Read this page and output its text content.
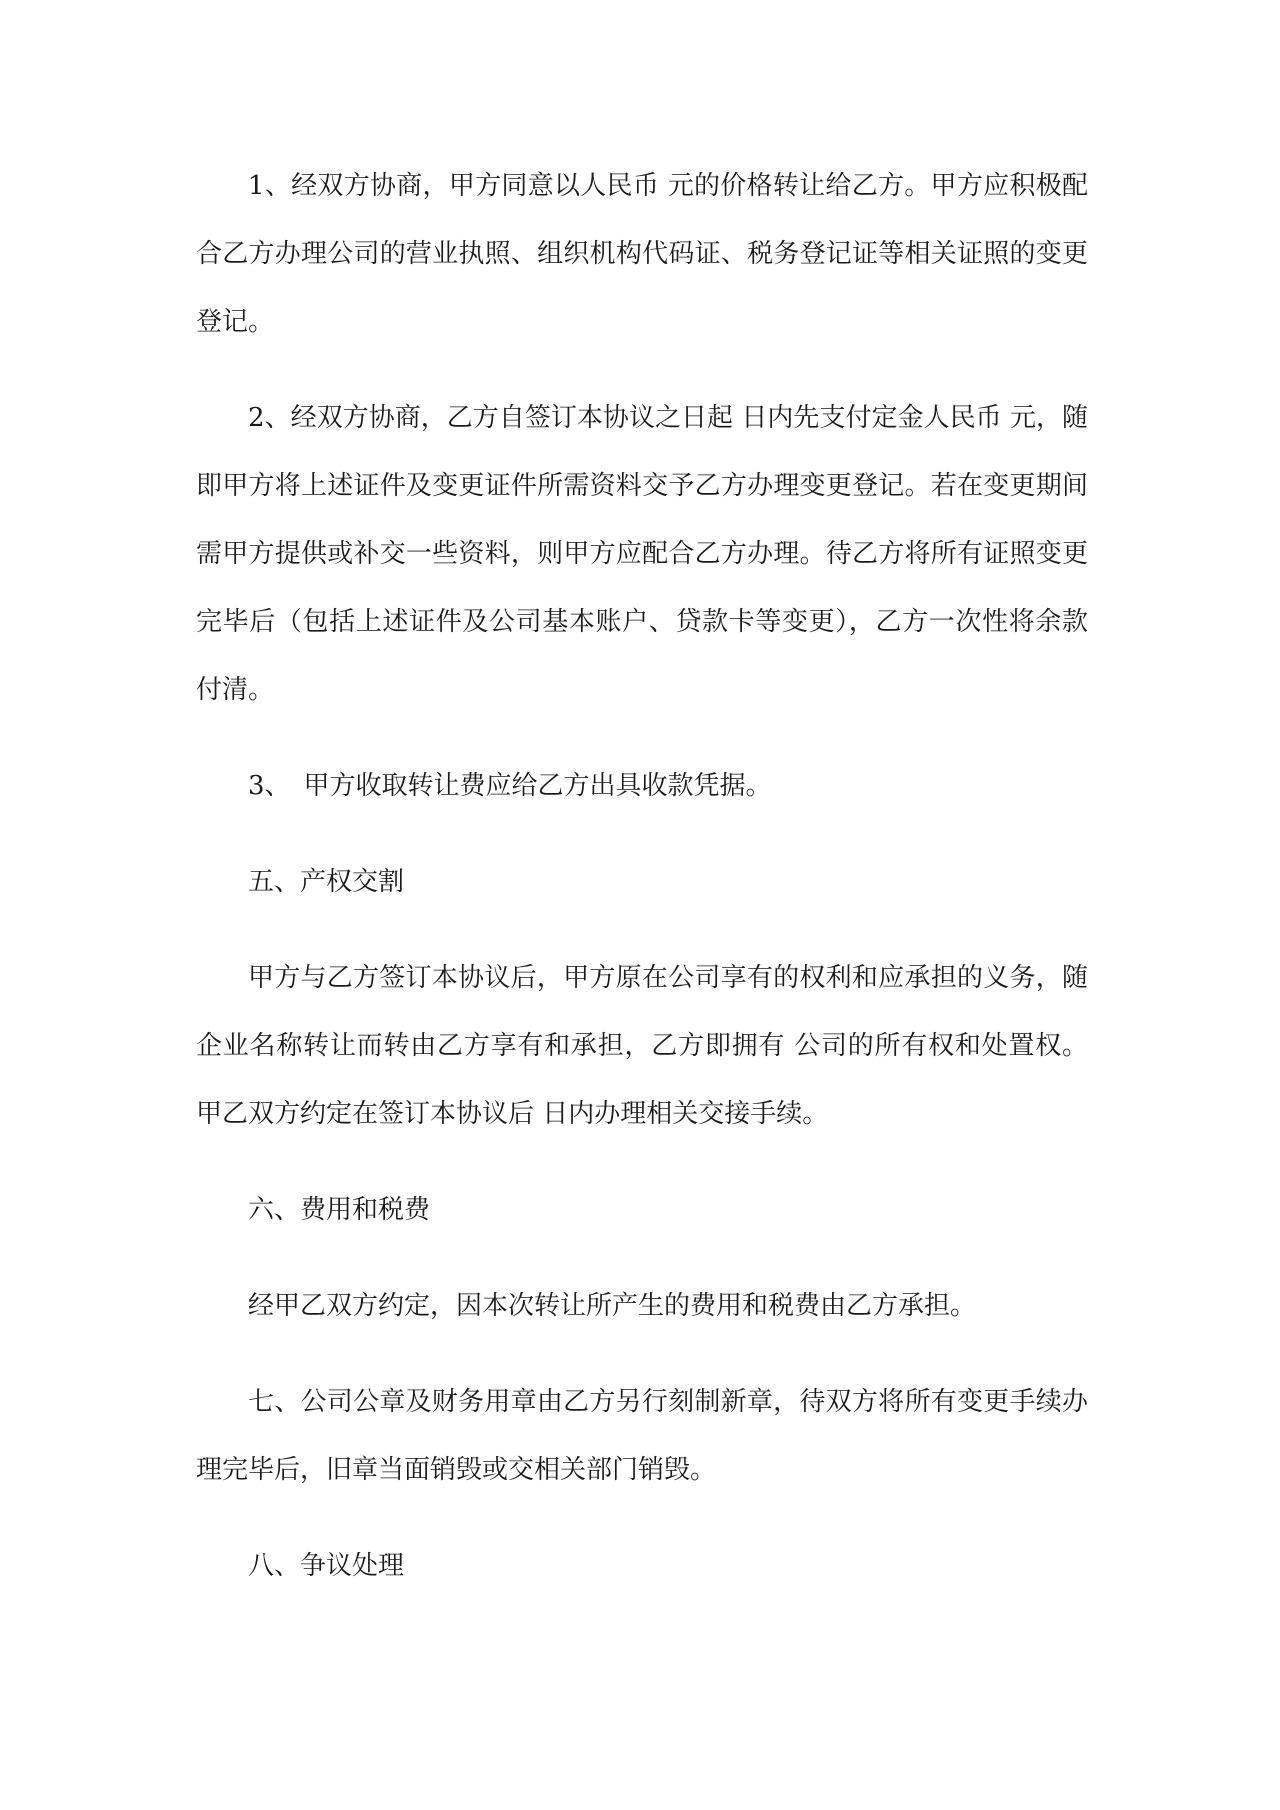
1、经双方协商，甲方同意以人民币 元的价格转让给乙方。甲方应积极配合乙方办理公司的营业执照、组织机构代码证、税务登记证等相关证照的变更登记。

2、经双方协商，乙方自签订本协议之日起 日内先支付定金人民币 元，随即甲方将上述证件及变更证件所需资料交予乙方办理变更登记。若在变更期间需甲方提供或补交一些资料，则甲方应配合乙方办理。待乙方将所有证照变更完毕后（包括上述证件及公司基本账户、贷款卡等变更），乙方一次性将余款付清。

3、　甲方收取转让费应给乙方出具收款凭据。

五、产权交割

甲方与乙方签订本协议后，甲方原在公司享有的权利和应承担的义务，随企业名称转让而转由乙方享有和承担，乙方即拥有 公司的所有权和处置权。甲乙双方约定在签订本协议后 日内办理相关交接手续。

六、费用和税费

经甲乙双方约定，因本次转让所产生的费用和税费由乙方承担。

七、公司公章及财务用章由乙方另行刻制新章，待双方将所有变更手续办理完毕后，旧章当面销毁或交相关部门销毁。

八、争议处理
